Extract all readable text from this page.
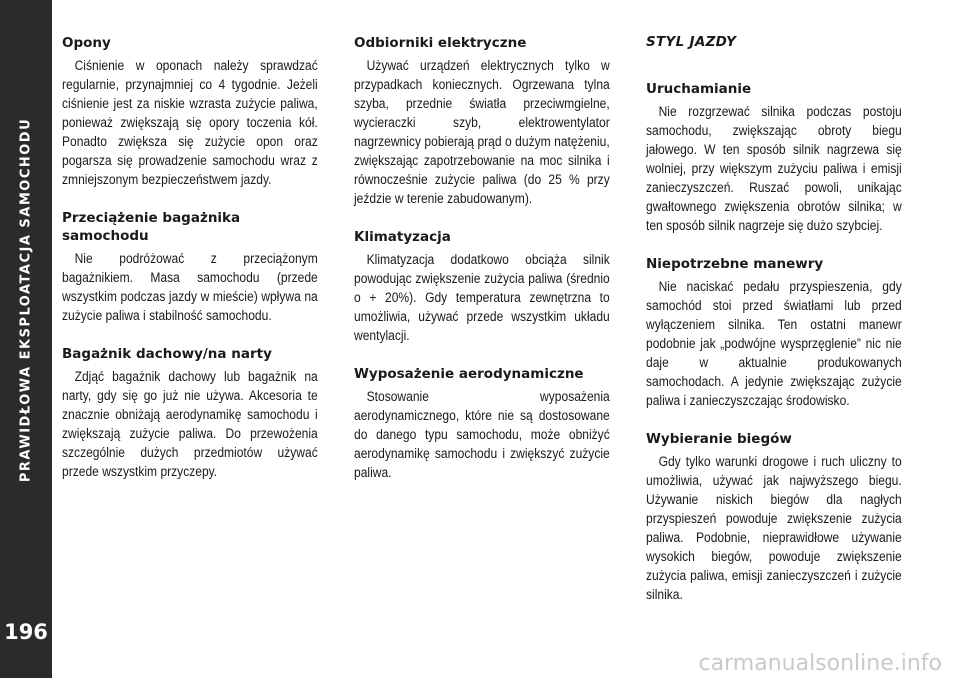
PRAWIDŁOWA EKSPLOATACJA SAMOCHODU
196
Opony

Ciśnienie w oponach należy sprawdzać regularnie, przynajmniej co 4 tygodnie. Jeżeli ciśnienie jest za niskie wzrasta zużycie paliwa, ponieważ zwiększają się opory toczenia kół. Ponadto zwiększa się zużycie opon oraz pogarsza się prowadzenie samochodu wraz z zmniejszonym bezpieczeństwem jazdy.

Przeciążenie bagażnika samochodu

Nie podróżować z przeciążonym bagażnikiem. Masa samochodu (przede wszystkim podczas jazdy w mieście) wpływa na zużycie paliwa i stabilność samochodu.

Bagażnik dachowy/na narty

Zdjąć bagażnik dachowy lub bagażnik na narty, gdy się go już nie używa. Akcesoria te znacznie obniżają aerodynamikę samochodu i zwiększają zużycie paliwa. Do przewożenia szczególnie dużych przedmiotów używać przede wszystkim przyczepy.

Odbiorniki elektryczne

Używać urządzeń elektrycznych tylko w przypadkach koniecznych. Ogrzewana tylna szyba, przednie światła przeciwmgielne, wycieraczki szyb, elektrowentylator nagrzewnicy pobierają prąd o dużym natężeniu, zwiększając zapotrzebowanie na moc silnika i równocześnie zużycie paliwa (do 25 % przy jeździe w terenie zabudowanym).

Klimatyzacja

Klimatyzacja dodatkowo obciąża silnik powodując zwiększenie zużycia paliwa (średnio o + 20%). Gdy temperatura zewnętrzna to umożliwia, używać przede wszystkim układu wentylacji.

Wyposażenie aerodynamiczne

Stosowanie wyposażenia aerodynamicznego, które nie są dostosowane do danego typu samochodu, może obniżyć aerodynamikę samochodu i zwiększyć zużycie paliwa.

STYL JAZDY
Uruchamianie

Nie rozgrzewać silnika podczas postoju samochodu, zwiększając obroty biegu jałowego. W ten sposób silnik nagrzewa się wolniej, przy większym zużyciu paliwa i emisji zanieczyszczeń. Ruszać powoli, unikając gwałtownego zwiększenia obrotów silnika; w ten sposób silnik nagrzeje się dużo szybciej.

Niepotrzebne manewry

Nie naciskać pedału przyspieszenia, gdy samochód stoi przed światłami lub przed wyłączeniem silnika. Ten ostatni manewr podobnie jak „podwójne wysprzęglenie” nic nie daje w aktualnie produkowanych samochodach. A jedynie zwiększając zużycie paliwa i zanieczyszczając środowisko.

Wybieranie biegów

Gdy tylko warunki drogowe i ruch uliczny to umożliwia, używać jak najwyższego biegu. Używanie niskich biegów dla nagłych przyspieszeń powoduje zwiększenie zużycia paliwa. Podobnie, nieprawidłowe używanie wysokich biegów, powoduje zwiększenie zużycia paliwa, emisji zanieczyszczeń i zużycie silnika.

carmanualsonline.info
